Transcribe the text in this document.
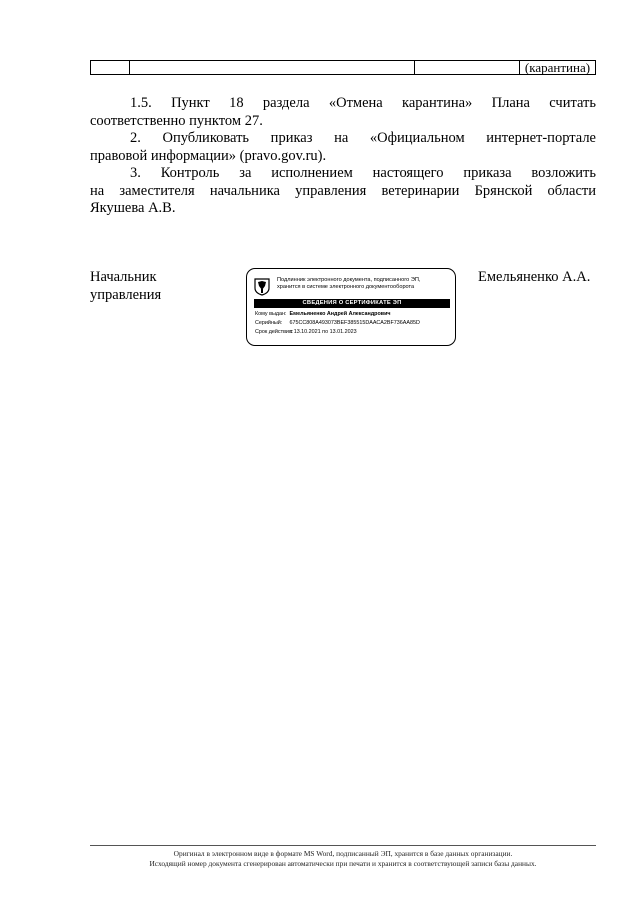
			(карантина)
1.5. Пункт 18 раздела «Отмена карантина» Плана считать
соответственно пунктом 27.
2. Опубликовать приказ на «Официальном интернет-портале
правовой информации» (pravo.gov.ru).
3. Контроль за исполнением настоящего приказа возложить
на заместителя начальника управления ветеринарии Брянской области
Якушева А.В.
Начальник
управления
Подлинник электронного документа, подписанного ЭП,
хранится в системе электронного документооборота
СВЕДЕНИЯ О СЕРТИФИКАТЕ ЭП
Кому выдан: Емельяненко Андрей Александрович
Серийный: 675CC808A493073BEF385515DAACA2BF736AA85D
Срок действия: с 13.10.2021 по 13.01.2023
Емельяненко А.А.
Оригинал в электронном виде в формате MS Word, подписанный ЭП, хранится в базе данных организации.
Исходящий номер документа сгенерирован автоматически при печати и хранится в соответствующей записи базы данных.
